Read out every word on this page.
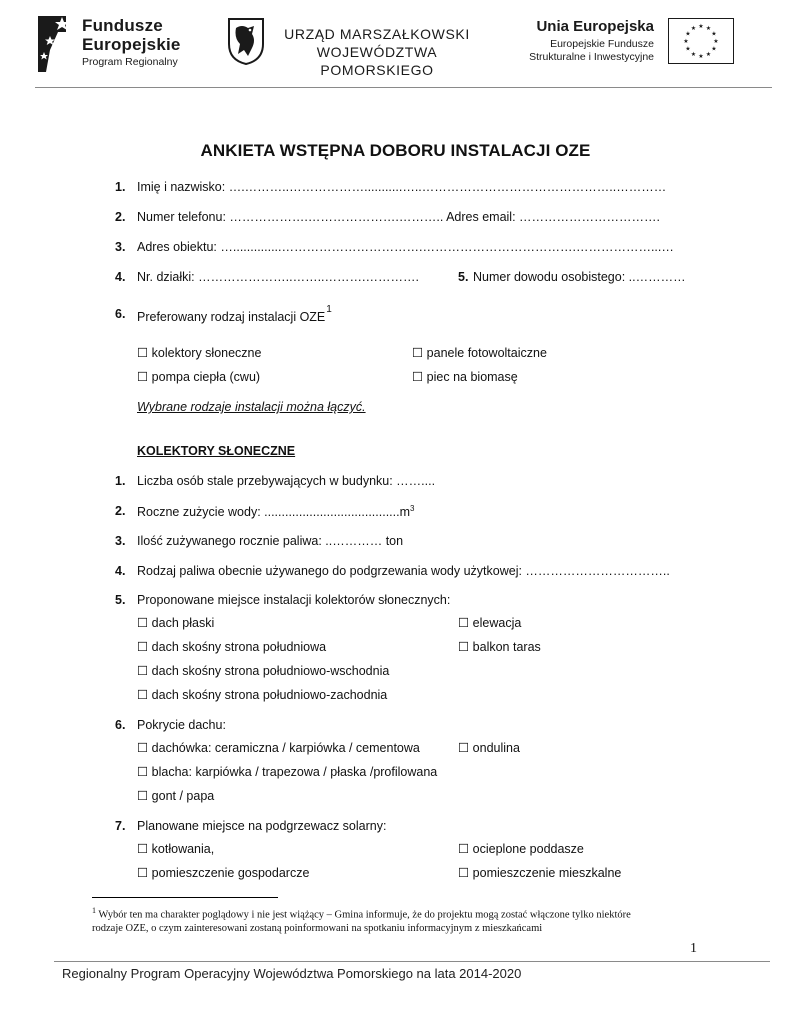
Fundusze
Europejskie
Program Regionalny
URZĄD MARSZAŁKOWSKI
WOJEWÓDZTWA POMORSKIEGO
Unia Europejska
Europejskie Fundusze
Strukturalne i Inwestycyjne
★ ★
★
★
★
★
★
★
★
★
★
★
ANKIETA WSTĘPNA DOBORU INSTALACJI OZE
1. Imię i nazwisko: ….………..………………...........…..………………………………………..…………
2. Numer telefonu: ……………….………………….……….. Adres email: …………………………….
3. Adres obiektu: …..............…………………………….……………………………….………………...…
4. Nr. działki: …………………..……..……….………….	5. Numer dowodu osobistego: ..…………
6. Preferowany rodzaj instalacji OZE1
☐ kolektory słoneczne	☐ panele fotowoltaiczne
☐ pompa ciepła (cwu)	☐ piec na biomasę
Wybrane rodzaje instalacji można łączyć.
KOLEKTORY SŁONECZNE
1. Liczba osób stale przebywających w budynku: ……....
2. Roczne zużycie wody: $.......................................m^3$
3. Ilość zużywanego rocznie paliwa: ..………… ton
4. Rodzaj paliwa obecnie używanego do podgrzewania wody użytkowej: ……………………………..
5. Proponowane miejsce instalacji kolektorów słonecznych:
☐ dach płaski	☐ elewacja
☐ dach skośny strona południowa	☐ balkon taras
☐ dach skośny strona południowo-wschodnia
☐ dach skośny strona południowo-zachodnia
6. Pokrycie dachu:
☐ dachówka: ceramiczna / karpiówka / cementowa	☐ ondulina
☐ blacha: karpiówka / trapezowa / płaska /profilowana
☐ gont / papa
7. Planowane miejsce na podgrzewacz solarny:
☐ kotłowania,	☐ ocieplone poddasze
☐ pomieszczenie gospodarcze	☐ pomieszczenie mieszkalne
$^1$ Wybór ten ma charakter poglądowy i nie jest wiążący – Gmina informuje, że do projektu mogą zostać włączone tylko niektóre
rodzaje OZE, o czym zainteresowani zostaną poinformowani na spotkaniu informacyjnym z mieszkańcami
1
Regionalny Program Operacyjny Województwa Pomorskiego na lata 2014-2020
